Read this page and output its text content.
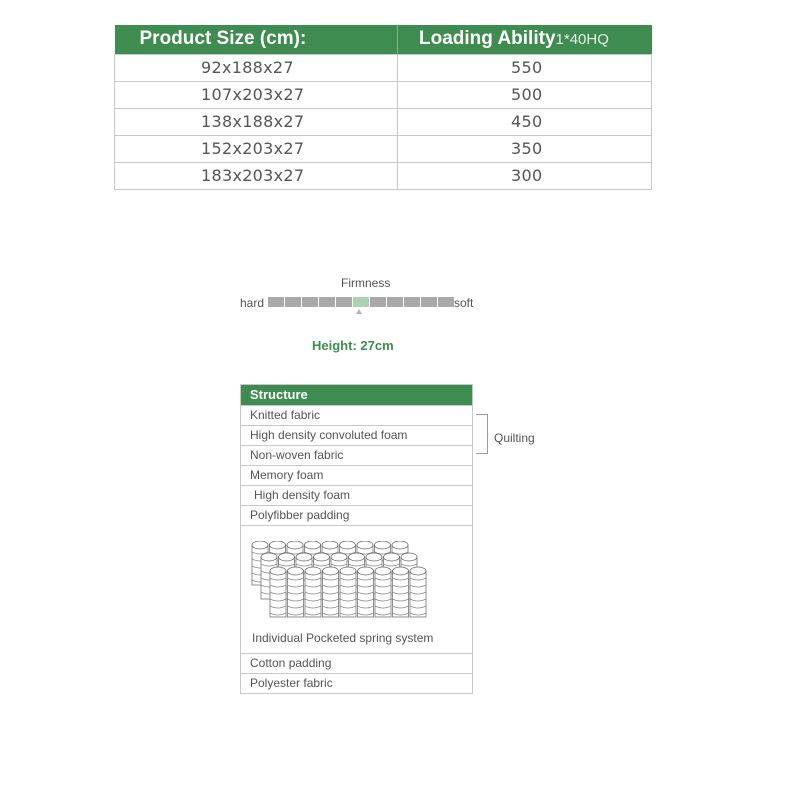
Product Size (cm):	Loading Ability1*40HQ
92x188x27	550
107x203x27	500
138x188x27	450
152x203x27	350
183x203x27	300
Firmness
hard	soft
Height: 27cm
Structure
Knitted fabric
High density convoluted foam
Non-woven fabric
Memory foam
High density foam
Polyfibber padding
Individual Pocketed spring system
Cotton padding
Polyester fabric
Quilting
